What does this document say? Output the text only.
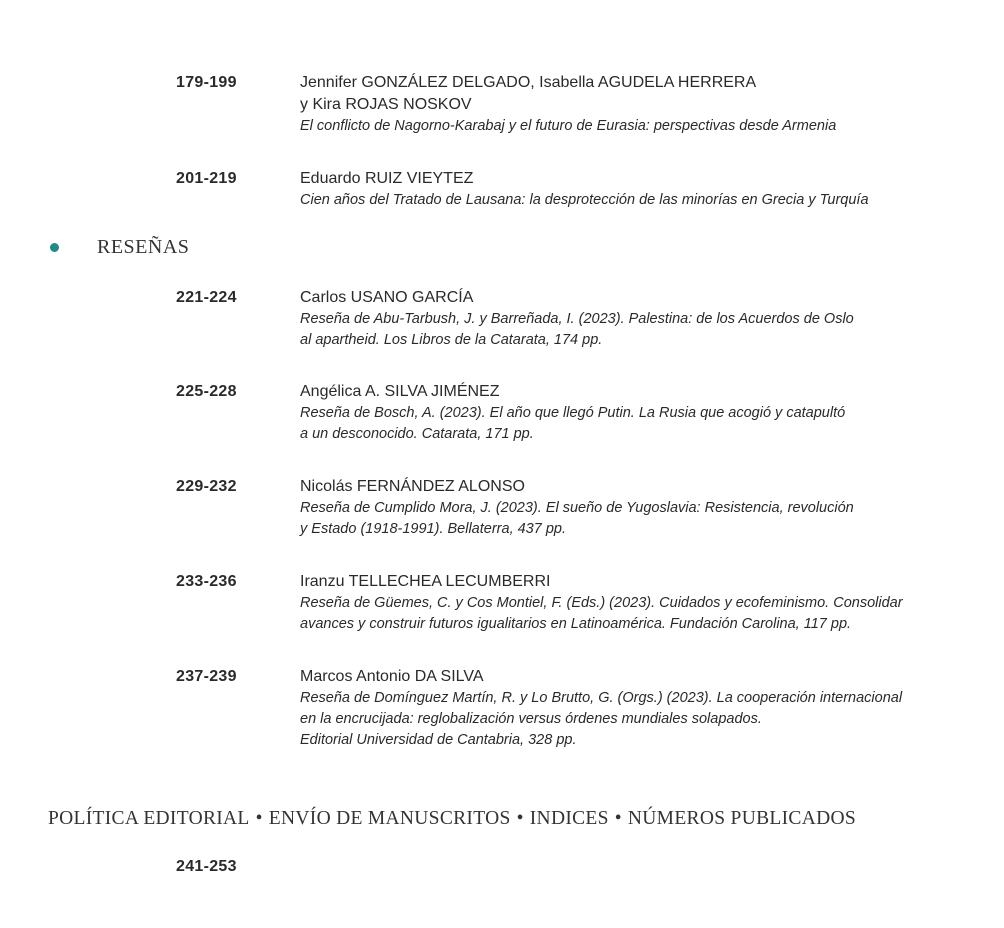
179-199	Jennifer GONZÁLEZ DELGADO, Isabella AGUDELA HERRERA
y Kira ROJAS NOSKOV
El conflicto de Nagorno-Karabaj y el futuro de Eurasia: perspectivas desde Armenia
201-219	Eduardo RUIZ VIEYTEZ
Cien años del Tratado de Lausana: la desprotección de las minorías en Grecia y Turquía
RESEÑAS
221-224	Carlos USANO GARCÍA
Reseña de Abu-Tarbush, J. y Barreñada, I. (2023). Palestina: de los Acuerdos de Oslo
al apartheid. Los Libros de la Catarata, 174 pp.
225-228	Angélica A. SILVA JIMÉNEZ
Reseña de Bosch, A. (2023). El año que llegó Putin. La Rusia que acogió y catapultó
a un desconocido. Catarata, 171 pp.
229-232	Nicolás FERNÁNDEZ ALONSO
Reseña de Cumplido Mora, J. (2023). El sueño de Yugoslavia: Resistencia, revolución
y Estado (1918-1991). Bellaterra, 437 pp.
233-236	Iranzu TELLECHEA LECUMBERRI
Reseña de Güemes, C. y Cos Montiel, F. (Eds.) (2023). Cuidados y ecofeminismo. Consolidar
avances y construir futuros igualitarios en Latinoamérica. Fundación Carolina, 117 pp.
237-239	Marcos Antonio DA SILVA
Reseña de Domínguez Martín, R. y Lo Brutto, G. (Orgs.) (2023). La cooperación internacional
en la encrucijada: reglobalización versus órdenes mundiales solapados.
Editorial Universidad de Cantabria, 328 pp.
POLÍTICA EDITORIAL • ENVÍO DE MANUSCRITOS • INDICES • NÚMEROS PUBLICADOS
241-253
